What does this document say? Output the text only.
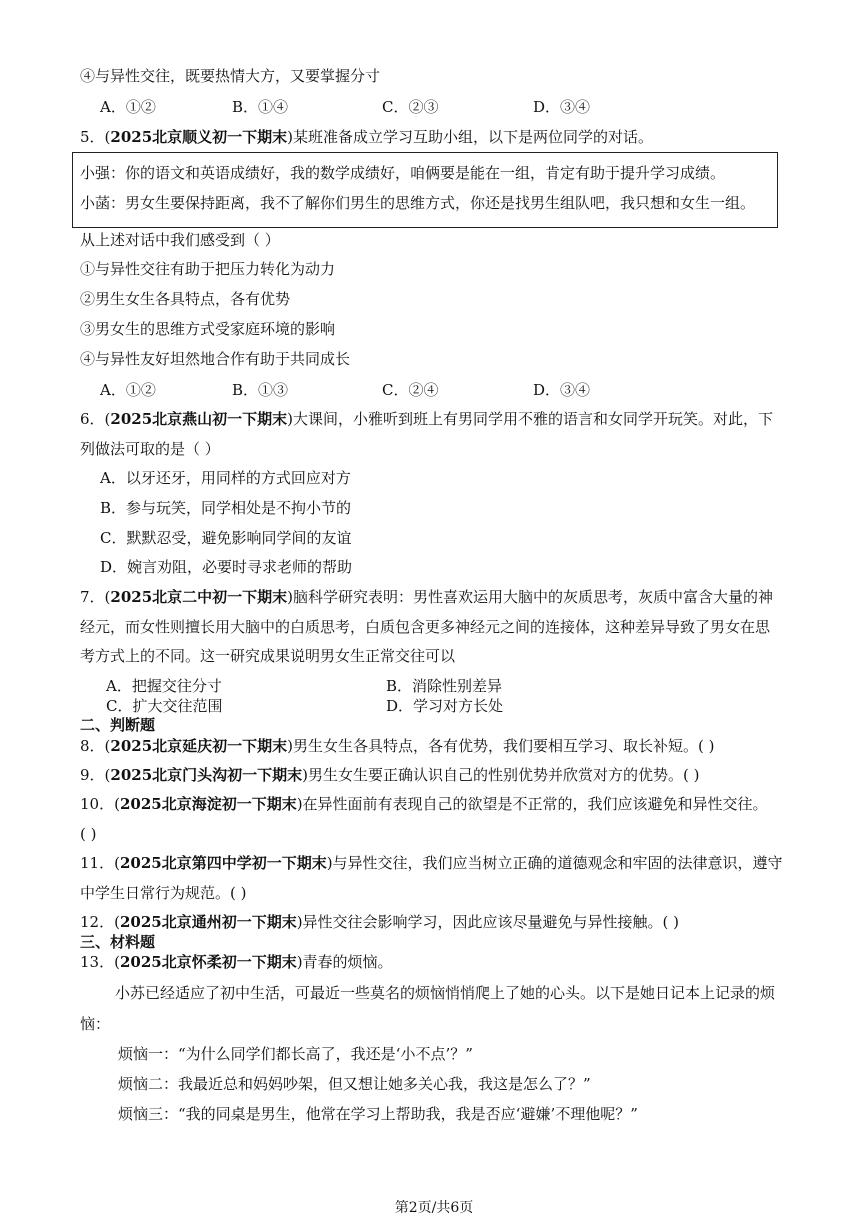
④与异性交往，既要热情大方，又要掌握分寸
A．①②	B．①④	C．②③	D．③④
5．(2025北京顺义初一下期末)某班准备成立学习互助小组，以下是两位同学的对话。
小强：你的语文和英语成绩好，我的数学成绩好，咱俩要是能在一组，肯定有助于提升学习成绩。
小菡：男女生要保持距离，我不了解你们男生的思维方式，你还是找男生组队吧，我只想和女生一组。
从上述对话中我们感受到（ ）
①与异性交往有助于把压力转化为动力
②男生女生各具特点，各有优势
③男女生的思维方式受家庭环境的影响
④与异性友好坦然地合作有助于共同成长
A．①②	B．①③	C．②④	D．③④
6．(2025北京燕山初一下期末)大课间，小雅听到班上有男同学用不雅的语言和女同学开玩笑。对此，下
列做法可取的是（ ）
A．以牙还牙，用同样的方式回应对方
B．参与玩笑，同学相处是不拘小节的
C．默默忍受，避免影响同学间的友谊
D．婉言劝阻，必要时寻求老师的帮助
7．(2025北京二中初一下期末)脑科学研究表明：男性喜欢运用大脑中的灰质思考，灰质中富含大量的神
经元，而女性则擅长用大脑中的白质思考，白质包含更多神经元之间的连接体，这种差异导致了男女在思
考方式上的不同。这一研究成果说明男女生正常交往可以
A．把握交往分寸	B．消除性别差异
C．扩大交往范围	D．学习对方长处
二、判断题
8．(2025北京延庆初一下期末)男生女生各具特点，各有优势，我们要相互学习、取长补短。( )
9．(2025北京门头沟初一下期末)男生女生要正确认识自己的性别优势并欣赏对方的优势。( )
10．(2025北京海淀初一下期末)在异性面前有表现自己的欲望是不正常的，我们应该避免和异性交往。
( )
11．(2025北京第四中学初一下期末)与异性交往，我们应当树立正确的道德观念和牢固的法律意识，遵守
中学生日常行为规范。( )
12．(2025北京通州初一下期末)异性交往会影响学习，因此应该尽量避免与异性接触。( )
三、材料题
13．(2025北京怀柔初一下期末)青春的烦恼。
小苏已经适应了初中生活，可最近一些莫名的烦恼悄悄爬上了她的心头。以下是她日记本上记录的烦
恼：
烦恼一：“为什么同学们都长高了，我还是‘小不点’？”
烦恼二：我最近总和妈妈吵架，但又想让她多关心我，我这是怎么了？”
烦恼三：“我的同桌是男生，他常在学习上帮助我，我是否应‘避嫌’不理他呢？”
第2页/共6页
